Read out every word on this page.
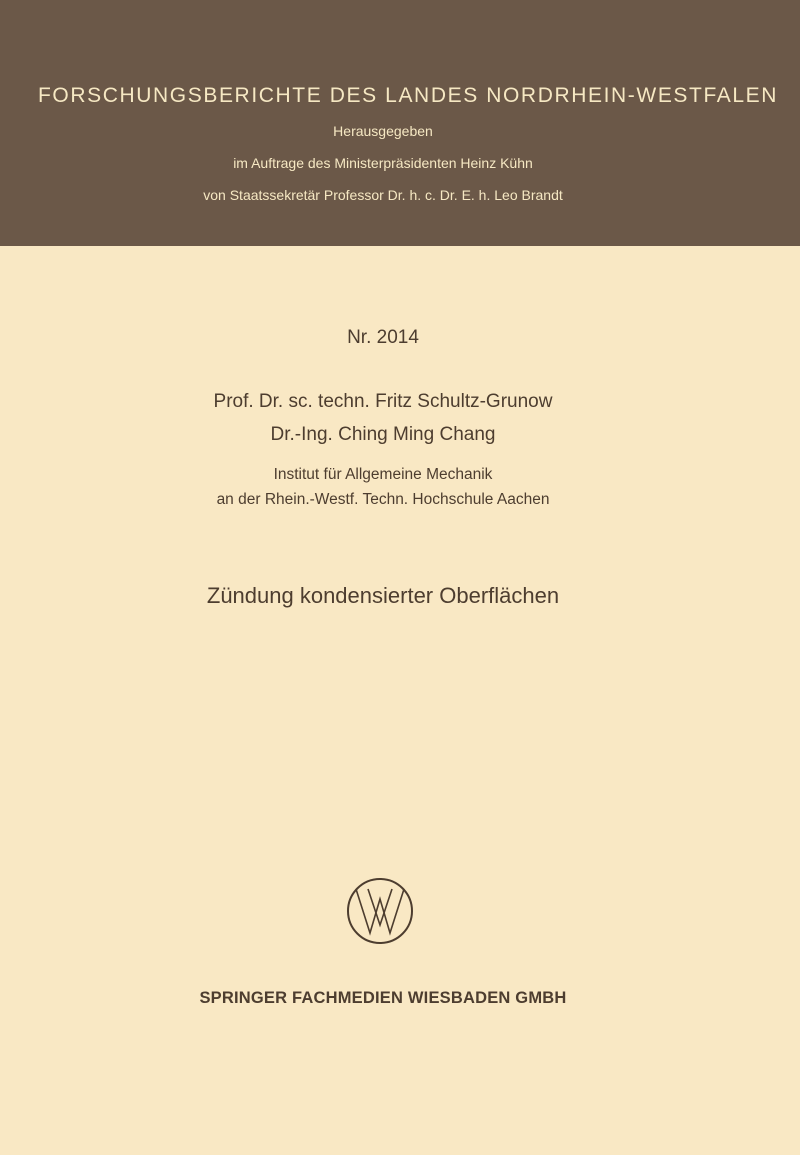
FORSCHUNGSBERICHTE DES LANDES NORDRHEIN-WESTFALEN
Herausgegeben
im Auftrage des Ministerpräsidenten Heinz Kühn
von Staatssekretär Professor Dr. h. c. Dr. E. h. Leo Brandt
Nr. 2014
Prof. Dr. sc. techn. Fritz Schultz-Grunow
Dr.-Ing. Ching Ming Chang
Institut für Allgemeine Mechanik
an der Rhein.-Westf. Techn. Hochschule Aachen
Zündung kondensierter Oberflächen
SPRINGER FACHMEDIEN WIESBADEN GMBH
